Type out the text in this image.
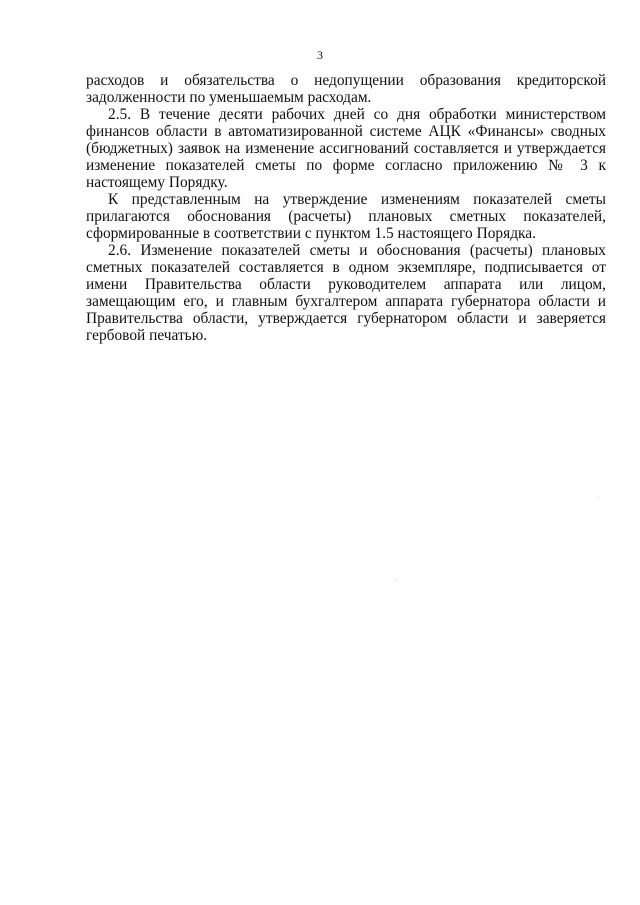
3
расходов и обязательства о недопущении образования кредиторской
задолженности по уменьшаемым расходам.
2.5. В течение десяти рабочих дней со дня обработки министерством
финансов области в автоматизированной системе АЦК «Финансы» сводных
(бюджетных) заявок на изменение ассигнований составляется и утверждается
изменение показателей сметы по форме согласно приложению № 3 к
настоящему Порядку.
К представленным на утверждение изменениям показателей сметы
прилагаются обоснования (расчеты) плановых сметных показателей,
сформированные в соответствии с пунктом 1.5 настоящего Порядка.
2.6. Изменение показателей сметы и обоснования (расчеты) плановых
сметных показателей составляется в одном экземпляре, подписывается от
имени Правительства области руководителем аппарата или лицом,
замещающим его, и главным бухгалтером аппарата губернатора области и
Правительства области, утверждается губернатором области и заверяется
гербовой печатью.
